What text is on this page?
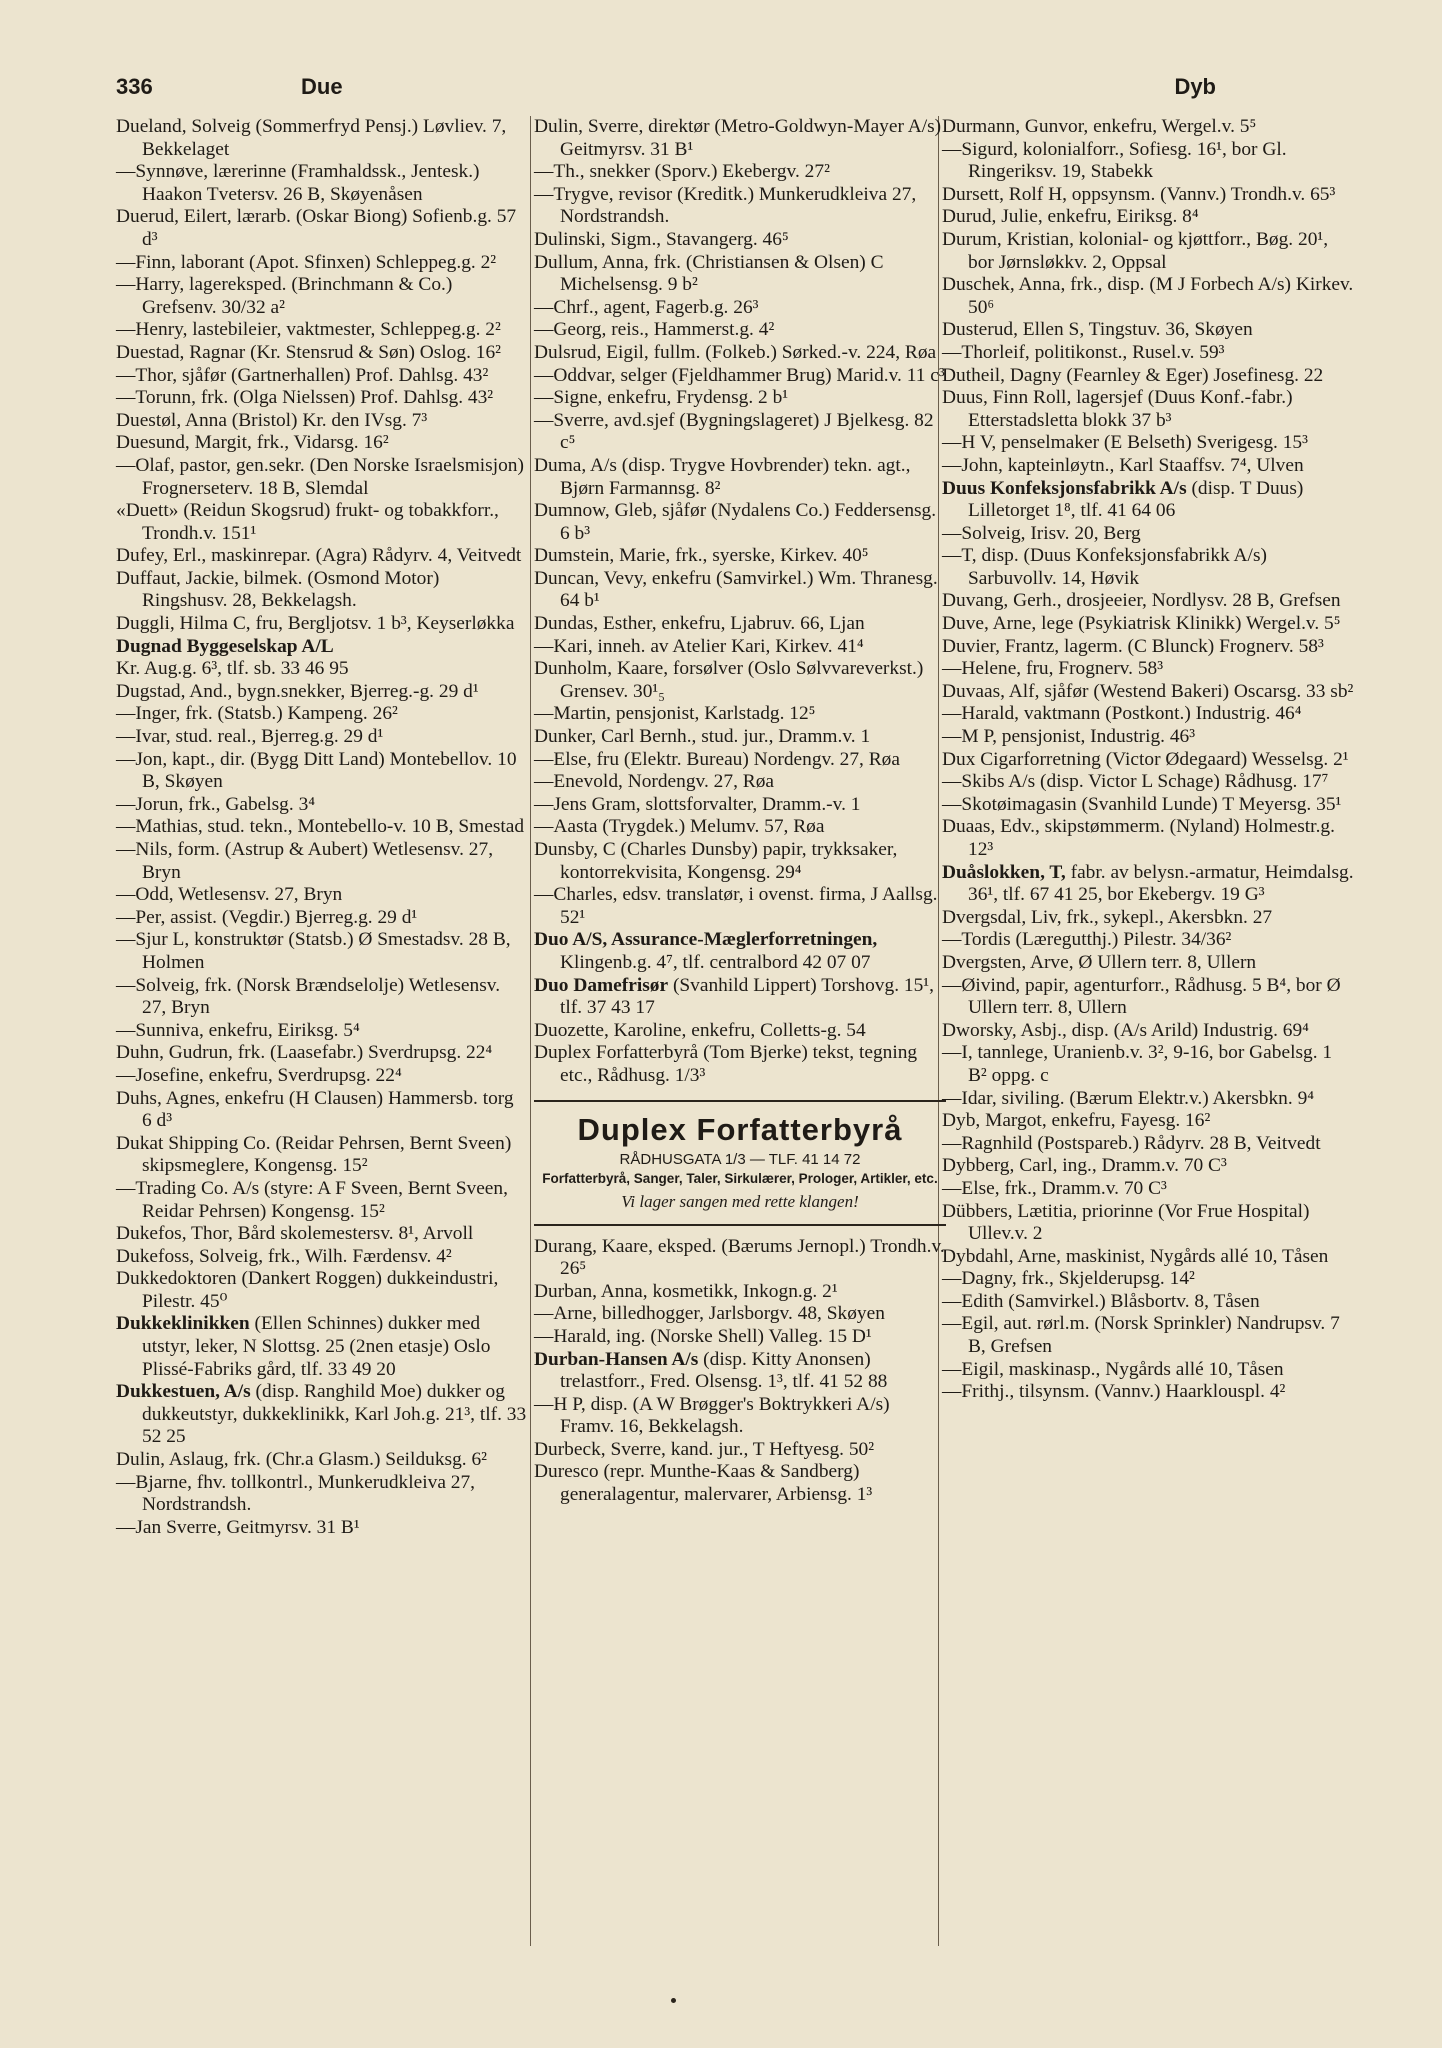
336	Due	Dyb

Dueland, Solveig (Sommerfryd Pensj.) Løvliev. 7, Bekkelaget

—Synnøve, lærerinne (Framhaldssk., Jentesk.) Haakon Tvetersv. 26 B, Skøyenåsen

Duerud, Eilert, lærarb. (Oskar Biong) Sofienb.g. 57 d³

—Finn, laborant (Apot. Sfinxen) Schleppeg.g. 2²

—Harry, lagereksped. (Brinchmann & Co.) Grefsenv. 30/32 a²

—Henry, lastebileier, vaktmester, Schleppeg.g. 2²

Duestad, Ragnar (Kr. Stensrud & Søn) Oslog. 16²

—Thor, sjåfør (Gartnerhallen) Prof. Dahlsg. 43²

—Torunn, frk. (Olga Nielssen) Prof. Dahlsg. 43²

Duestøl, Anna (Bristol) Kr. den IVsg. 7³

Duesund, Margit, frk., Vidarsg. 16²

—Olaf, pastor, gen.sekr. (Den Norske Israelsmisjon) Frognerseterv. 18 B, Slemdal

«Duett» (Reidun Skogsrud) frukt- og tobakkforr., Trondh.v. 151¹

Dufey, Erl., maskinrepar. (Agra) Rådyrv. 4, Veitvedt

Duffaut, Jackie, bilmek. (Osmond Motor) Ringshusv. 28, Bekkelagsh.

Duggli, Hilma C, fru, Bergljotsv. 1 b³, Keyserløkka

Dugnad Byggeselskap A/L

Kr. Aug.g. 6³, tlf. sb. 33 46 95

Dugstad, And., bygn.snekker, Bjerreg.-g. 29 d¹

—Inger, frk. (Statsb.) Kampeng. 26²

—Ivar, stud. real., Bjerreg.g. 29 d¹

—Jon, kapt., dir. (Bygg Ditt Land) Montebellov. 10 B, Skøyen

—Jorun, frk., Gabelsg. 3⁴

—Mathias, stud. tekn., Montebello-v. 10 B, Smestad

—Nils, form. (Astrup & Aubert) Wetlesensv. 27, Bryn

—Odd, Wetlesensv. 27, Bryn

—Per, assist. (Vegdir.) Bjerreg.g. 29 d¹

—Sjur L, konstruktør (Statsb.) Ø Smestadsv. 28 B, Holmen

—Solveig, frk. (Norsk Brændselolje) Wetlesensv. 27, Bryn

—Sunniva, enkefru, Eiriksg. 5⁴

Duhn, Gudrun, frk. (Laasefabr.) Sverdrupsg. 22⁴

—Josefine, enkefru, Sverdrupsg. 22⁴

Duhs, Agnes, enkefru (H Clausen) Hammersb. torg 6 d³

Dukat Shipping Co. (Reidar Pehrsen, Bernt Sveen) skipsmeglere, Kongensg. 15²

—Trading Co. A/s (styre: A F Sveen, Bernt Sveen, Reidar Pehrsen) Kongensg. 15²

Dukefos, Thor, Bård skolemestersv. 8¹, Arvoll

Dukefoss, Solveig, frk., Wilh. Færdensv. 4²

Dukkedoktoren (Dankert Roggen) dukkeindustri, Pilestr. 45⁰

Dukkeklinikken (Ellen Schinnes) dukker med utstyr, leker, N Slottsg. 25 (2nen etasje) Oslo Plissé-Fabriks gård, tlf. 33 49 20

Dukkestuen, A/s (disp. Ranghild Moe) dukker og dukkeutstyr, dukkeklinikk, Karl Joh.g. 21³, tlf. 33 52 25

Dulin, Aslaug, frk. (Chr.a Glasm.) Seilduksg. 6²

—Bjarne, fhv. tollkontrl., Munkerudkleiva 27, Nordstrandsh.

—Jan Sverre, Geitmyrsv. 31 B¹

Dulin, Sverre, direktør (Metro-Goldwyn-Mayer A/s) Geitmyrsv. 31 B¹

—Th., snekker (Sporv.) Ekebergv. 27²

—Trygve, revisor (Kreditk.) Munkerudkleiva 27, Nordstrandsh.

Dulinski, Sigm., Stavangerg. 46⁵

Dullum, Anna, frk. (Christiansen & Olsen) C Michelsensg. 9 b²

—Chrf., agent, Fagerb.g. 26³

—Georg, reis., Hammerst.g. 4²

Dulsrud, Eigil, fullm. (Folkeb.) Sørked.-v. 224, Røa

—Oddvar, selger (Fjeldhammer Brug) Marid.v. 11 c³

—Signe, enkefru, Frydensg. 2 b¹

—Sverre, avd.sjef (Bygningslageret) J Bjelkesg. 82 c⁵

Duma, A/s (disp. Trygve Hovbrender) tekn. agt., Bjørn Farmannsg. 8²

Dumnow, Gleb, sjåfør (Nydalens Co.) Feddersensg. 6 b³

Dumstein, Marie, frk., syerske, Kirkev. 40⁵

Duncan, Vevy, enkefru (Samvirkel.) Wm. Thranesg. 64 b¹

Dundas, Esther, enkefru, Ljabruv. 66, Ljan

—Kari, inneh. av Atelier Kari, Kirkev. 41⁴

Dunholm, Kaare, forsølver (Oslo Sølvvareverkst.) Grensev. 30¹₅

—Martin, pensjonist, Karlstadg. 12⁵

Dunker, Carl Bernh., stud. jur., Dramm.v. 1

—Else, fru (Elektr. Bureau) Nordengv. 27, Røa

—Enevold, Nordengv. 27, Røa

—Jens Gram, slottsforvalter, Dramm.-v. 1

—Aasta (Trygdek.) Melumv. 57, Røa

Dunsby, C (Charles Dunsby) papir, trykksaker, kontorrekvisita, Kongensg. 29⁴

—Charles, edsv. translatør, i ovenst. firma, J Aallsg. 52¹

Duo A/S, Assurance-Mæglerforretningen, Klingenb.g. 4⁷, tlf. centralbord 42 07 07

Duo Damefrisør (Svanhild Lippert) Torshovg. 15¹, tlf. 37 43 17

Duozette, Karoline, enkefru, Colletts-g. 54

Duplex Forfatterbyrå (Tom Bjerke) tekst, tegning etc., Rådhusg. 1/3³

Duplex Forfatterbyrå
RÅDHUSGATA 1/3 — TLF. 41 14 72
Forfatterbyrå, Sanger, Taler, Sirkulærer, Prologer, Artikler, etc.
Vi lager sangen med rette klangen!

Durang, Kaare, eksped. (Bærums Jernopl.) Trondh.v. 26⁵

Durban, Anna, kosmetikk, Inkogn.g. 2¹

—Arne, billedhogger, Jarlsborgv. 48, Skøyen

—Harald, ing. (Norske Shell) Valleg. 15 D¹

Durban-Hansen A/s (disp. Kitty Anonsen) trelastforr., Fred. Olsensg. 1³, tlf. 41 52 88

—H P, disp. (A W Brøgger's Boktrykkeri A/s) Framv. 16, Bekkelagsh.

Durbeck, Sverre, kand. jur., T Heftyesg. 50²

Duresco (repr. Munthe-Kaas & Sandberg) generalagentur, malervarer, Arbiensg. 1³

Durmann, Gunvor, enkefru, Wergel.v. 5⁵

—Sigurd, kolonialforr., Sofiesg. 16¹, bor Gl. Ringeriksv. 19, Stabekk

Dursett, Rolf H, oppsynsm. (Vannv.) Trondh.v. 65³

Durud, Julie, enkefru, Eiriksg. 8⁴

Durum, Kristian, kolonial- og kjøttforr., Bøg. 20¹, bor Jørnsløkkv. 2, Oppsal

Duschek, Anna, frk., disp. (M J Forbech A/s) Kirkev. 50⁶

Dusterud, Ellen S, Tingstuv. 36, Skøyen

—Thorleif, politikonst., Rusel.v. 59³

Dutheil, Dagny (Fearnley & Eger) Josefinesg. 22

Duus, Finn Roll, lagersjef (Duus Konf.-fabr.) Etterstadsletta blokk 37 b³

—H V, penselmaker (E Belseth) Sverigesg. 15³

—John, kapteinløytn., Karl Staaffsv. 7⁴, Ulven

Duus Konfeksjonsfabrikk A/s (disp. T Duus) Lilletorget 1⁸, tlf. 41 64 06

—Solveig, Irisv. 20, Berg

—T, disp. (Duus Konfeksjonsfabrikk A/s) Sarbuvollv. 14, Høvik

Duvang, Gerh., drosjeeier, Nordlysv. 28 B, Grefsen

Duve, Arne, lege (Psykiatrisk Klinikk) Wergel.v. 5⁵

Duvier, Frantz, lagerm. (C Blunck) Frognerv. 58³

—Helene, fru, Frognerv. 58³

Duvaas, Alf, sjåfør (Westend Bakeri) Oscarsg. 33 sb²

—Harald, vaktmann (Postkont.) Industrig. 46⁴

—M P, pensjonist, Industrig. 46³

Dux Cigarforretning (Victor Ødegaard) Wesselsg. 2¹

—Skibs A/s (disp. Victor L Schage) Rådhusg. 17⁷

—Skotøimagasin (Svanhild Lunde) T Meyersg. 35¹

Duaas, Edv., skipstømmerm. (Nyland) Holmestr.g. 12³

Duåslokken, T, fabr. av belysn.-armatur, Heimdalsg. 36¹, tlf. 67 41 25, bor Ekebergv. 19 G³

Dvergsdal, Liv, frk., sykepl., Akersbkn. 27

—Tordis (Læregutthj.) Pilestr. 34/36²

Dvergsten, Arve, Ø Ullern terr. 8, Ullern

—Øivind, papir, agenturforr., Rådhusg. 5 B⁴, bor Ø Ullern terr. 8, Ullern

Dworsky, Asbj., disp. (A/s Arild) Industrig. 69⁴

—I, tannlege, Uranienb.v. 3², 9-16, bor Gabelsg. 1 B² oppg. c

—Idar, siviling. (Bærum Elektr.v.) Akersbkn. 9⁴

Dyb, Margot, enkefru, Fayesg. 16²

—Ragnhild (Postspareb.) Rådyrv. 28 B, Veitvedt

Dybberg, Carl, ing., Dramm.v. 70 C³

—Else, frk., Dramm.v. 70 C³

Dübbers, Lætitia, priorinne (Vor Frue Hospital) Ullev.v. 2

Dybdahl, Arne, maskinist, Nygårds allé 10, Tåsen

—Dagny, frk., Skjelderupsg. 14²

—Edith (Samvirkel.) Blåsbortv. 8, Tåsen

—Egil, aut. rørl.m. (Norsk Sprinkler) Nandrupsv. 7 B, Grefsen

—Eigil, maskinasp., Nygårds allé 10, Tåsen

—Frithj., tilsynsm. (Vannv.) Haarklouspl. 4²
